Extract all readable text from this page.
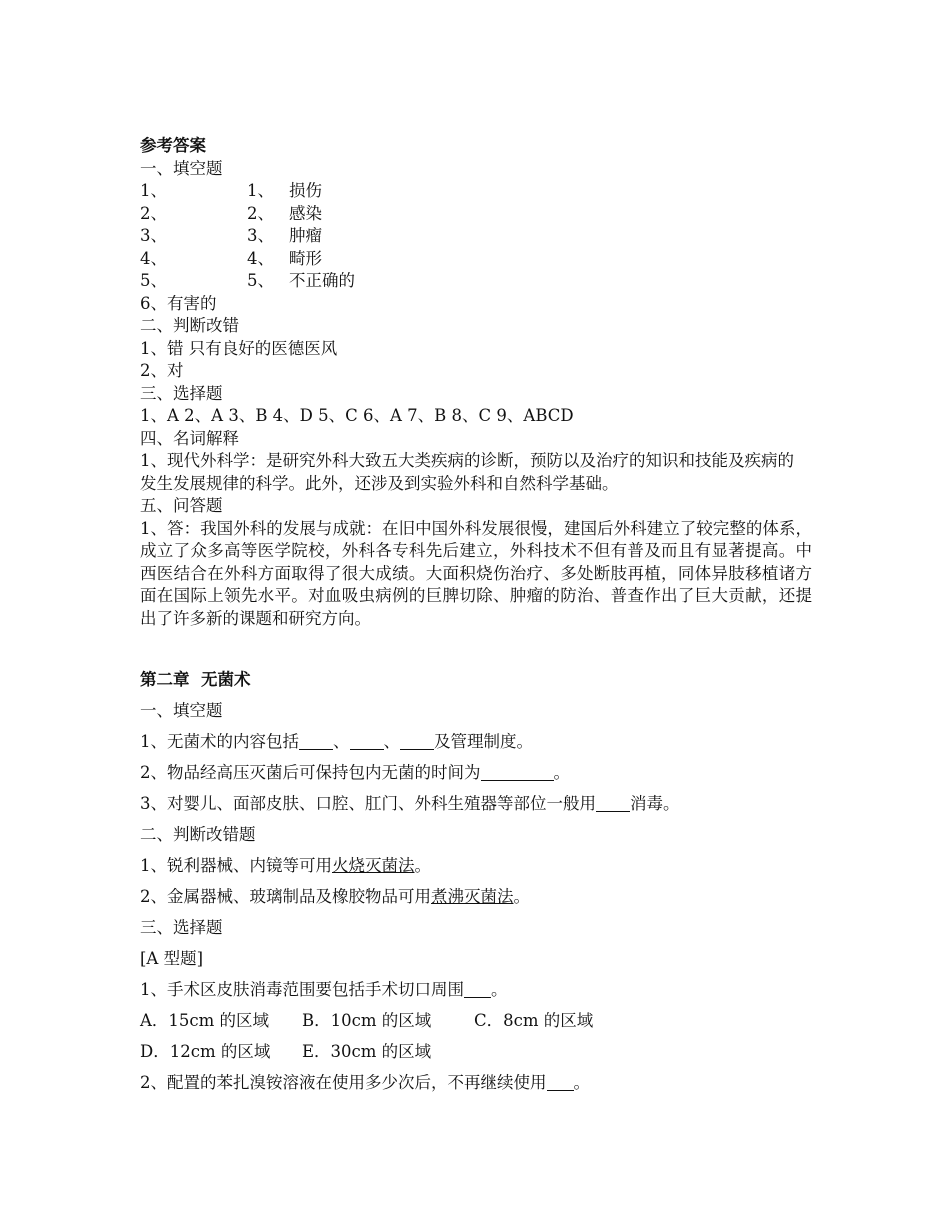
参考答案
一、填空题
1、	1、 损伤
2、	2、 感染
3、	3、 肿瘤
4、	4、 畸形
5、	5、 不正确的
6、有害的
二、判断改错
1、错 只有良好的医德医风
2、对
三、选择题
1、A 2、A 3、B 4、D 5、C 6、A 7、B 8、C 9、ABCD
四、名词解释
1、现代外科学：是研究外科大致五大类疾病的诊断，预防以及治疗的知识和技能及疾病的
发生发展规律的科学。此外，还涉及到实验外科和自然科学基础。
五、问答题
1、答：我国外科的发展与成就：在旧中国外科发展很慢，建国后外科建立了较完整的体系，成立了众多高等医学院校，外科各专科先后建立，外科技术不但有普及而且有显著提高。中西医结合在外科方面取得了很大成绩。大面积烧伤治疗、多处断肢再植，同体异肢移植诸方面在国际上领先水平。对血吸虫病例的巨脾切除、肿瘤的防治、普查作出了巨大贡献，还提出了许多新的课题和研究方向。
第二章  无菌术
一、填空题
1、无菌术的内容包括 、 、 及管理制度。
2、物品经高压灭菌后可保持包内无菌的时间为	。
3、对婴儿、面部皮肤、口腔、肛门、外科生殖器等部位一般用 消毒。
二、判断改错题
1、锐利器械、内镜等可用火烧灭菌法。
2、金属器械、玻璃制品及橡胶物品可用煮沸灭菌法。
三、选择题
[A 型题]
1、手术区皮肤消毒范围要包括手术切口周围 。
A．15cm 的区域	B．10cm 的区域	C．8cm 的区域
D．12cm 的区域	E．30cm 的区域
2、配置的苯扎溴铵溶液在使用多少次后，不再继续使用 。
